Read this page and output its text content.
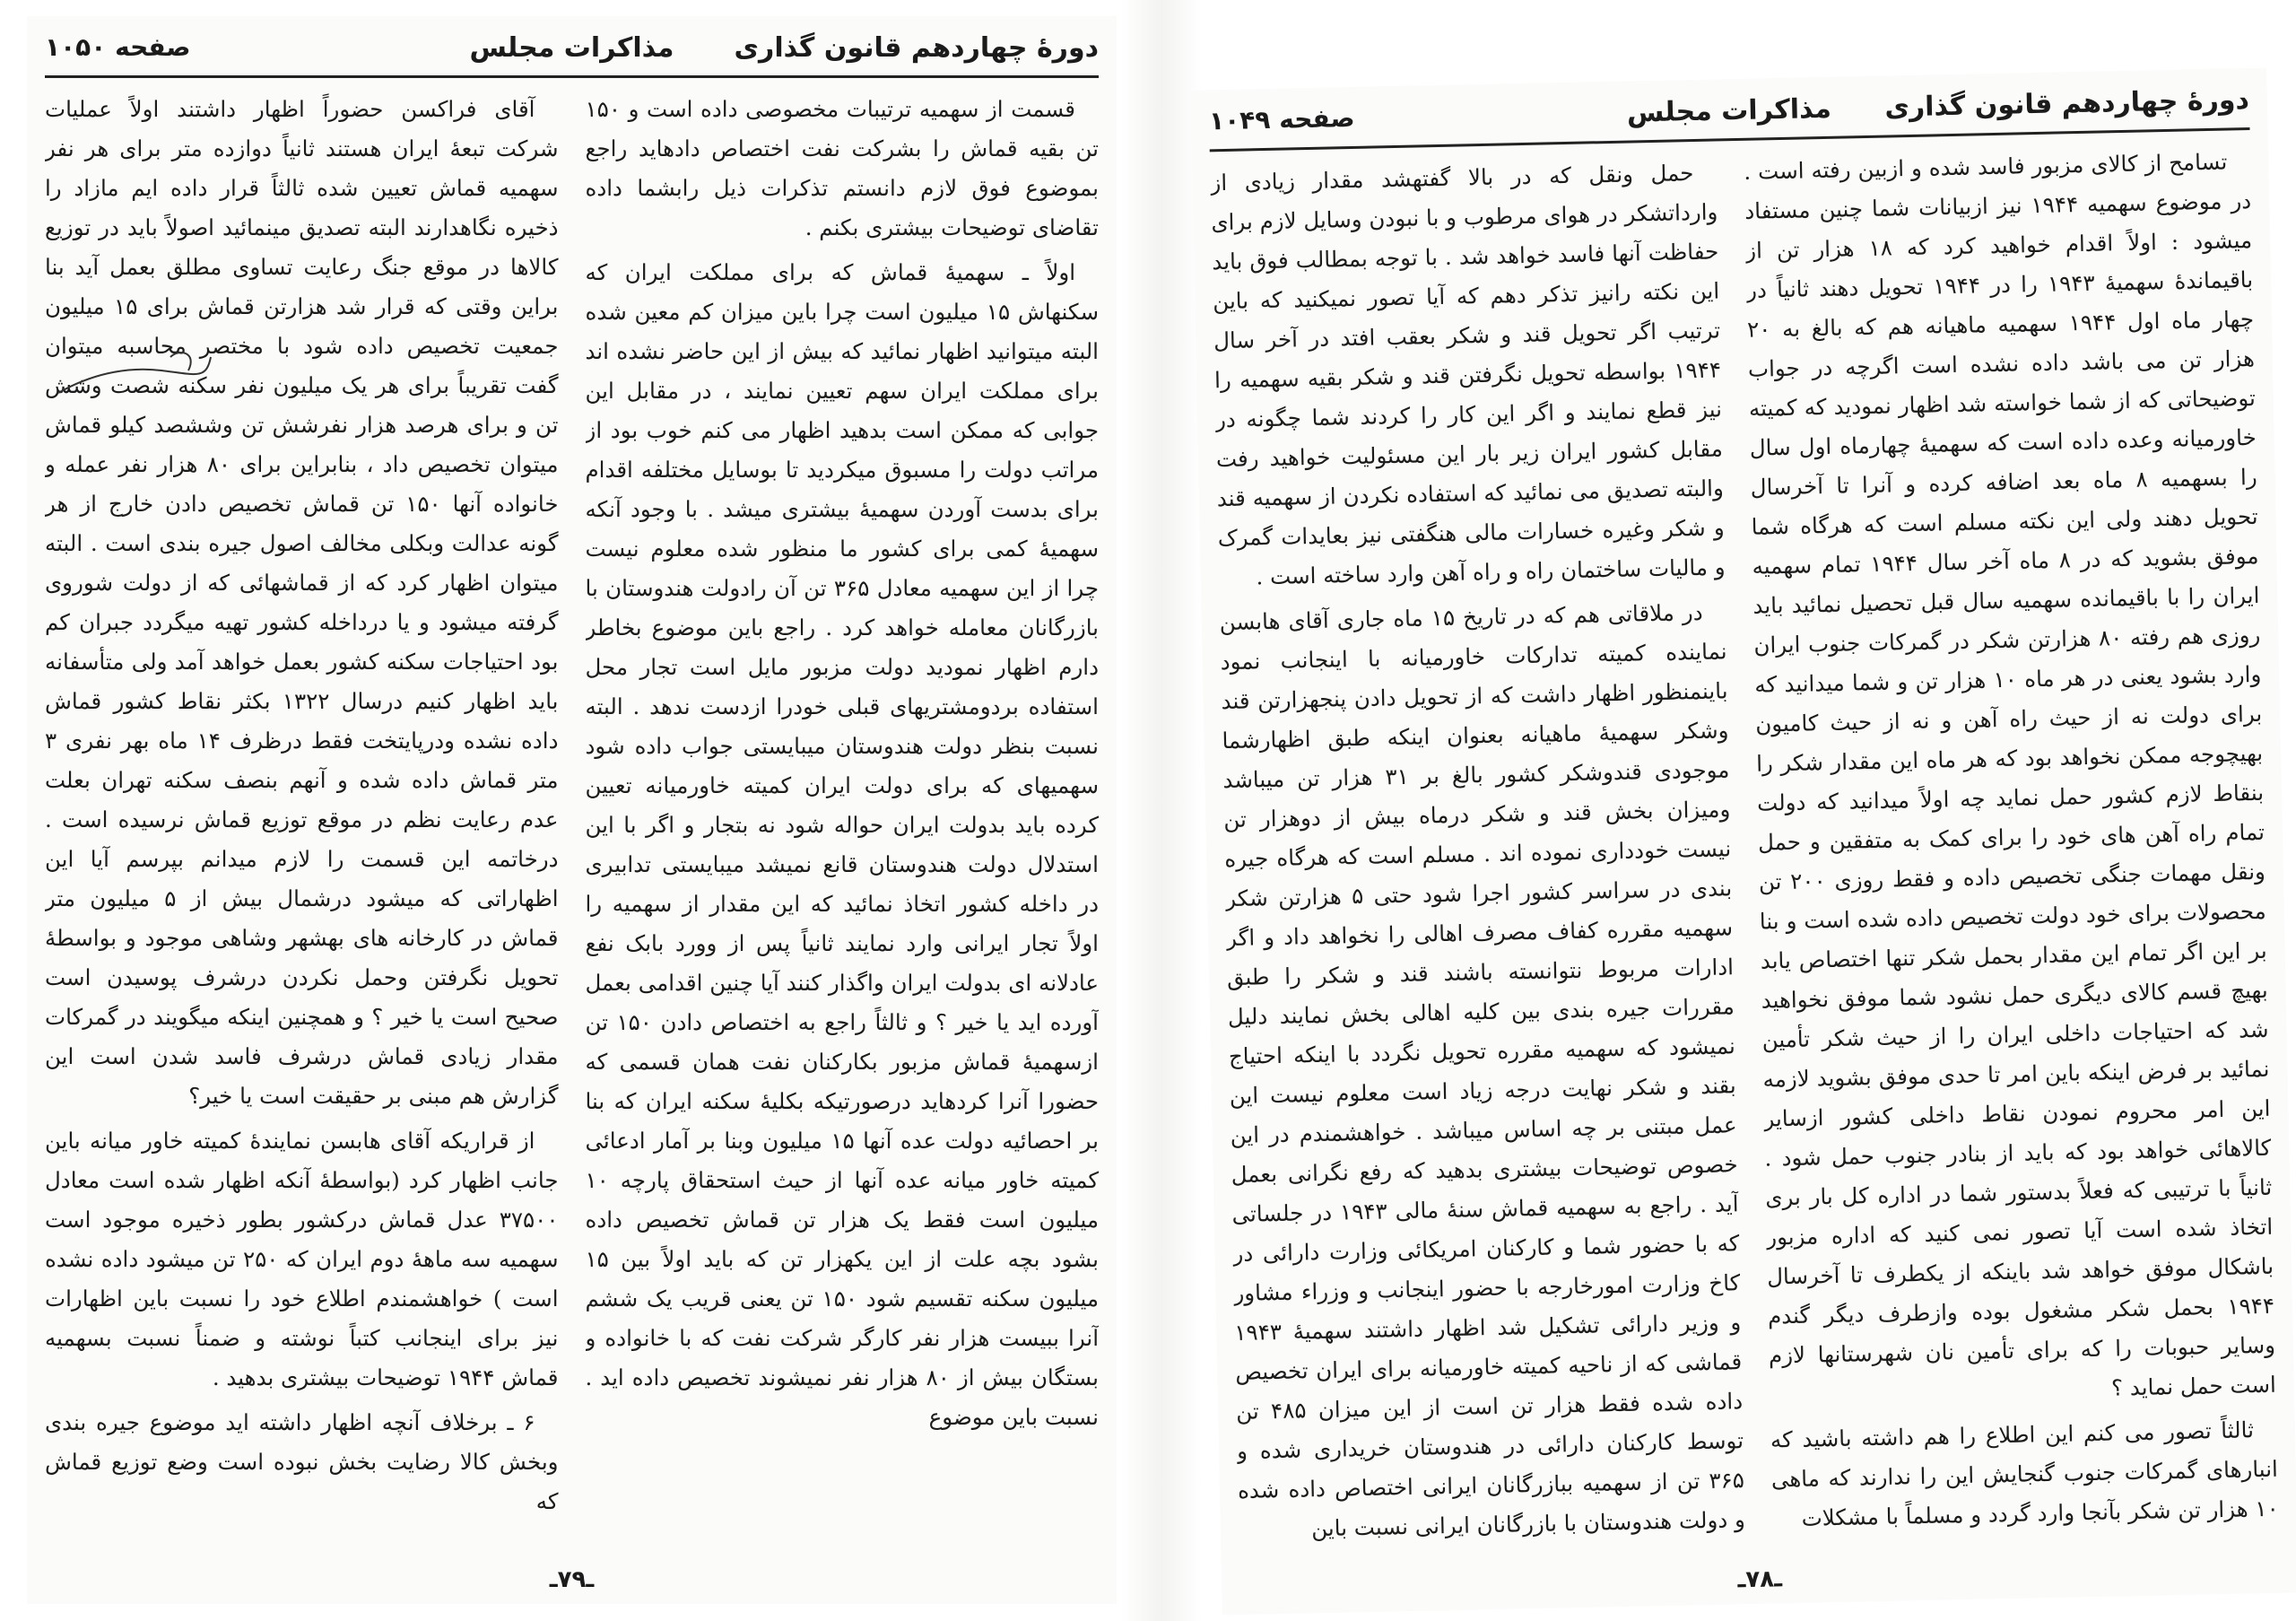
دورهٔ چهاردهم قانون گذاری
مذاکرات مجلس
صفحه ۱۰۵۰

قسمت از سهمیه ترتیبات مخصوصی داده است و ۱۵۰ تن بقیه قماش را بشرکت نفت اختصاص دادهاید راجع بموضوع فوق لازم دانستم تذکرات ذیل رابشما داده تقاضای توضیحات بیشتری بکنم .

اولاً ـ سهمیهٔ قماش که برای مملکت ایران که سکنهاش ۱۵ میلیون است چرا باین میزان کم معین شده البته میتوانید اظهار نمائید که بیش از این حاضر نشده اند برای مملکت ایران سهم تعیین نمایند ، در مقابل این جوابی که ممکن است بدهید اظهار می کنم خوب بود از مراتب دولت را مسبوق میکردید تا بوسایل مختلفه اقدام برای بدست آوردن سهمیهٔ بیشتری میشد . با وجود آنکه سهمیهٔ کمی برای کشور ما منظور شده معلوم نیست چرا از این سهمیه معادل ۳۶۵ تن آن رادولت هندوستان با بازرگانان معامله خواهد کرد . راجع باین موضوع بخاطر دارم اظهار نمودید دولت مزبور مایل است تجار محل استفاده بردومشتریهای قبلی خودرا ازدست ندهد . البته نسبت بنظر دولت هندوستان میبایستی جواب داده شود سهمیهای که برای دولت ایران کمیته خاورمیانه تعیین کرده باید بدولت ایران حواله شود نه بتجار و اگر با این استدلال دولت هندوستان قانع نمیشد میبایستی تدابیری در داخله کشور اتخاذ نمائید که این مقدار از سهمیه را اولاً تجار ایرانی وارد نمایند ثانیاً پس از وورد بابک نفع عادلانه ای بدولت ایران واگذار کنند آیا چنین اقدامی بعمل آورده اید یا خیر ؟ و ثالثاً راجع به اختصاص دادن ۱۵۰ تن ازسهمیهٔ قماش مزبور بکارکنان نفت همان قسمی که حضورا آنرا کردهاید درصورتیکه بکلیهٔ سکنه ایران که بنا بر احصائیه دولت عده آنها ۱۵ میلیون وبنا بر آمار ادعائی کمیته خاور میانه عده آنها از حیث استحقاق پارچه ۱۰ میلیون است فقط یک هزار تن قماش تخصیص داده بشود بچه علت از این یکهزار تن که باید اولاً بین ۱۵ میلیون سکنه تقسیم شود ۱۵۰ تن یعنی قریب یک ششم آنرا ببیست هزار نفر کارگر شرکت نفت که با خانواده و بستگان بیش از ۸۰ هزار نفر نمیشوند تخصیص داده اید . نسبت باین موضوع

آقای فراکسن حضوراً اظهار داشتند اولاً عملیات شرکت تبعهٔ ایران هستند ثانیاً دوازده متر برای هر نفر سهمیه قماش تعیین شده ثالثاً قرار داده ایم مازاد را ذخیره نگاهدارند البته تصدیق مینمائید اصولاً باید در توزیع کالاها در موقع جنگ رعایت تساوی مطلق بعمل آید بنا براین وقتی که قرار شد هزارتن قماش برای ۱۵ میلیون جمعیت تخصیص داده شود با مختصر محاسبه میتوان گفت تقریباً برای هر یک میلیون نفر سکنه شصت وشش تن و برای هرصد هزار نفرشش تن وششصد کیلو قماش میتوان تخصیص داد ، بنابراین برای ۸۰ هزار نفر عمله و خانواده آنها ۱۵۰ تن قماش تخصیص دادن خارج از هر گونه عدالت وبکلی مخالف اصول جیره بندی است . البته میتوان اظهار کرد که از قماشهائی که از دولت شوروی گرفته میشود و یا درداخله کشور تهیه میگردد جبران کم بود احتیاجات سکنه کشور بعمل خواهد آمد ولی متأسفانه باید اظهار کنیم درسال ۱۳۲۲ بکثر نقاط کشور قماش داده نشده ودرپایتخت فقط درظرف ۱۴ ماه بهر نفری ۳ متر قماش داده شده و آنهم بنصف سکنه تهران بعلت عدم رعایت نظم در موقع توزیع قماش نرسیده است . درخاتمه این قسمت را لازم میدانم بپرسم آیا این اظهاراتی که میشود درشمال بیش از ۵ میلیون متر قماش در کارخانه های بهشهر وشاهی موجود و بواسطهٔ تحویل نگرفتن وحمل نکردن درشرف پوسیدن است صحیح است یا خیر ؟ و همچنین اینکه میگویند در گمرکات مقدار زیادی قماش درشرف فاسد شدن است این گزارش هم مبنی بر حقیقت است یا خیر؟

از قراریکه آقای هابسن نمایندهٔ کمیته خاور میانه باین جانب اظهار کرد (بواسطهٔ آنکه اظهار شده است معادل ۳۷۵۰۰ عدل قماش درکشور بطور ذخیره موجود است سهمیه سه ماههٔ دوم ایران که ۲۵۰ تن میشود داده نشده است ) خواهشمندم اطلاع خود را نسبت باین اظهارات نیز برای اینجانب کتباً نوشته و ضمناً نسبت بسهمیه قماش ۱۹۴۴ توضیحات بیشتری بدهید .

۶ ـ برخلاف آنچه اظهار داشته اید موضوع جیره بندی وبخش کالا رضایت بخش نبوده است وضع توزیع قماش که

ـ۷۹ـ
دورهٔ چهاردهم قانون گذاری
مذاکرات مجلس
صفحه ۱۰۴۹

تسامح از کالای مزبور فاسد شده و ازبین رفته است . در موضوع سهمیه ۱۹۴۴ نیز ازبیانات شما چنین مستفاد میشود : اولاً اقدام خواهید کرد که ۱۸ هزار تن از باقیماندهٔ سهمیهٔ ۱۹۴۳ را در ۱۹۴۴ تحویل دهند ثانیاً در چهار ماه اول ۱۹۴۴ سهمیه ماهیانه هم که بالغ به ۲۰ هزار تن می باشد داده نشده است اگرچه در جواب توضیحاتی که از شما خواسته شد اظهار نمودید که کمیته خاورمیانه وعده داده است که سهمیهٔ چهارماه اول سال را بسهمیه ۸ ماه بعد اضافه کرده و آنرا تا آخرسال تحویل دهند ولی این نکته مسلم است که هرگاه شما موفق بشوید که در ۸ ماه آخر سال ۱۹۴۴ تمام سهمیه ایران را با باقیمانده سهمیه سال قبل تحصیل نمائید باید روزی هم رفته ۸۰ هزارتن شکر در گمرکات جنوب ایران وارد بشود یعنی در هر ماه ۱۰ هزار تن و شما میدانید که برای دولت نه از حیث راه آهن و نه از حیث کامیون بهیچوجه ممکن نخواهد بود که هر ماه این مقدار شکر را بنقاط لازم کشور حمل نماید چه اولاً میدانید که دولت تمام راه آهن های خود را برای کمک به متفقین و حمل ونقل مهمات جنگی تخصیص داده و فقط روزی ۲۰۰ تن محصولات برای خود دولت تخصیص داده شده است و بنا بر این اگر تمام این مقدار بحمل شکر تنها اختصاص یابد بهیچ قسم کالای دیگری حمل نشود شما موفق نخواهید شد که احتیاجات داخلی ایران را از حیث شکر تأمین نمائید بر فرض اینکه باین امر تا حدی موفق بشوید لازمه این امر محروم نمودن نقاط داخلی کشور ازسایر کالاهائی خواهد بود که باید از بنادر جنوب حمل شود . ثانیاً با ترتیبی که فعلاً بدستور شما در اداره کل بار بری اتخاذ شده است آیا تصور نمی کنید که اداره مزبور باشکال موفق خواهد شد باینکه از یکطرف تا آخرسال ۱۹۴۴ بحمل شکر مشغول بوده وازطرف دیگر گندم وسایر حبوبات را که برای تأمین نان شهرستانها لازم است حمل نماید ؟

ثالثاً تصور می کنم این اطلاع را هم داشته باشید که انبارهای گمرکات جنوب گنجایش این را ندارند که ماهی ۱۰ هزار تن شکر بآنجا وارد گردد و مسلماً با مشکلات

حمل ونقل که در بالا گفتهشد مقدار زیادی از وارداتشکر در هوای مرطوب و با نبودن وسایل لازم برای حفاظت آنها فاسد خواهد شد . با توجه بمطالب فوق باید این نکته رانیز تذکر دهم که آیا تصور نمیکنید که باین ترتیب اگر تحویل قند و شکر بعقب افتد در آخر سال ۱۹۴۴ بواسطه تحویل نگرفتن قند و شکر بقیه سهمیه را نیز قطع نمایند و اگر این کار را کردند شما چگونه در مقابل کشور ایران زیر بار این مسئولیت خواهید رفت والبته تصدیق می نمائید که استفاده نکردن از سهمیه قند و شکر وغیره خسارات مالی هنگفتی نیز بعایدات گمرک و مالیات ساختمان راه و راه آهن وارد ساخته است .

در ملاقاتی هم که در تاریخ ۱۵ ماه جاری آقای هابسن نماینده کمیته تدارکات خاورمیانه با اینجانب نمود باینمنظور اظهار داشت که از تحویل دادن پنجهزارتن قند وشکر سهمیهٔ ماهیانه بعنوان اینکه طبق اظهارشما موجودی قندوشکر کشور بالغ بر ۳۱ هزار تن میباشد ومیزان بخش قند و شکر درماه بیش از دوهزار تن نیست خودداری نموده اند . مسلم است که هرگاه جیره بندی در سراسر کشور اجرا شود حتی ۵ هزارتن شکر سهمیه مقرره کفاف مصرف اهالی را نخواهد داد و اگر ادارات مربوط نتوانسته باشند قند و شکر را طبق مقررات جیره بندی بین کلیه اهالی بخش نمایند دلیل نمیشود که سهمیه مقرره تحویل نگردد با اینکه احتیاج بقند و شکر نهایت درجه زیاد است معلوم نیست این عمل مبتنی بر چه اساس میباشد . خواهشمندم در این خصوص توضیحات بیشتری بدهید که رفع نگرانی بعمل آید . راجع به سهمیه قماش سنهٔ مالی ۱۹۴۳ در جلساتی که با حضور شما و کارکنان امریکائی وزارت دارائی در کاخ وزارت امورخارجه با حضور اینجانب و وزراء مشاور و وزیر دارائی تشکیل شد اظهار داشتند سهمیهٔ ۱۹۴۳ قماشی که از ناحیه کمیته خاورمیانه برای ایران تخصیص داده شده فقط هزار تن است از این میزان ۴۸۵ تن توسط کارکنان دارائی در هندوستان خریداری شده و ۳۶۵ تن از سهمیه ببازرگانان ایرانی اختصاص داده شده و دولت هندوستان با بازرگانان ایرانی نسبت باین

ـ۷۸ـ
